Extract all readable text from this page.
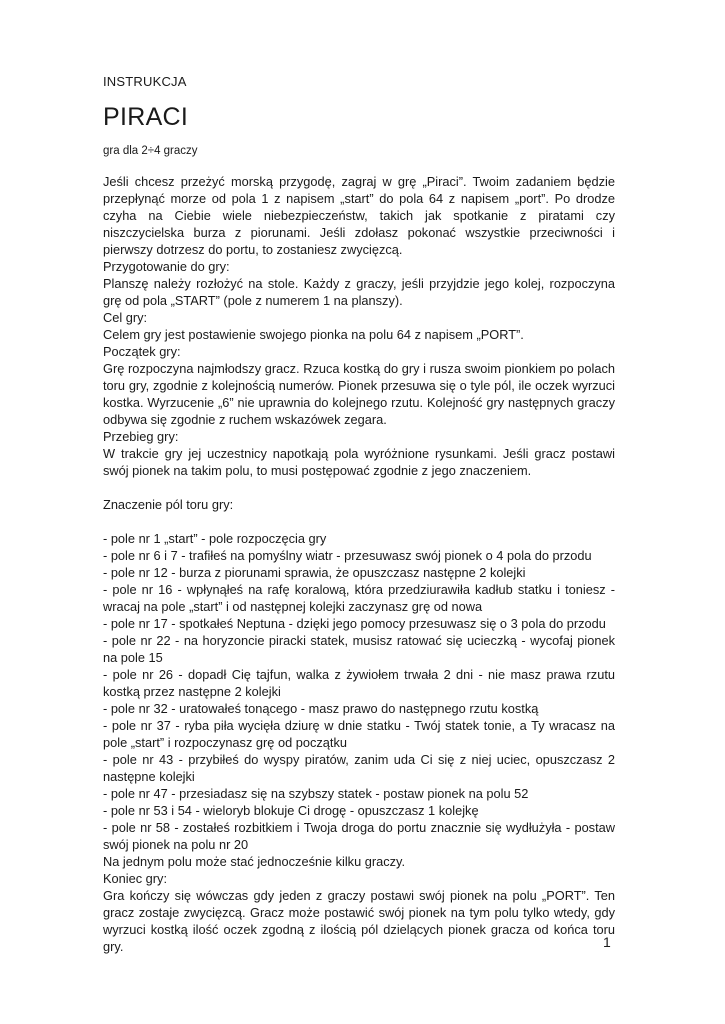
INSTRUKCJA

PIRACI

gra dla 2÷4 graczy

Jeśli chcesz przeżyć morską przygodę, zagraj w grę „Piraci”. Twoim zadaniem będzie przepłynąć morze od pola 1 z napisem „start” do pola 64 z napisem „port”. Po drodze czyha na Ciebie wiele niebezpieczeństw, takich jak spotkanie z piratami czy niszczycielska burza z piorunami. Jeśli zdołasz pokonać wszystkie przeciwności i pierwszy dotrzesz do portu, to zostaniesz zwycięzcą.

Przygotowanie do gry:

Planszę należy rozłożyć na stole. Każdy z graczy, jeśli przyjdzie jego kolej, rozpoczyna grę od pola „START” (pole z numerem 1 na planszy).

Cel gry:

Celem gry jest postawienie swojego pionka na polu 64 z napisem „PORT”.

Początek gry:

Grę rozpoczyna najmłodszy gracz. Rzuca kostką do gry i rusza swoim pionkiem po polach toru gry, zgodnie z kolejnością numerów. Pionek przesuwa się o tyle pól, ile oczek wyrzuci kostka. Wyrzucenie „6” nie uprawnia do kolejnego rzutu. Kolejność gry następnych graczy odbywa się zgodnie z ruchem wskazówek zegara.

Przebieg gry:

W trakcie gry jej uczestnicy napotkają pola wyróżnione rysunkami. Jeśli gracz postawi swój pionek na takim polu, to musi postępować zgodnie z jego znaczeniem.

Znaczenie pól toru gry:

- pole nr 1 „start” - pole rozpoczęcia gry

- pole nr 6 i 7 - trafiłeś na pomyślny wiatr - przesuwasz swój pionek o 4 pola do przodu

- pole nr 12 - burza z piorunami sprawia, że opuszczasz następne 2 kolejki

- pole nr 16 - wpłynąłeś na rafę koralową, która przedziurawiła kadłub statku i toniesz - wracaj na pole „start” i od następnej kolejki zaczynasz grę od nowa

- pole nr 17 - spotkałeś Neptuna - dzięki jego pomocy przesuwasz się o 3 pola do przodu

- pole nr 22 - na horyzoncie piracki statek, musisz ratować się ucieczką - wycofaj pionek na pole 15

- pole nr 26 - dopadł Cię tajfun, walka z żywiołem trwała 2 dni - nie masz prawa rzutu kostką przez następne 2 kolejki

- pole nr 32 - uratowałeś tonącego - masz prawo do następnego rzutu kostką

- pole nr 37 - ryba piła wycięła dziurę w dnie statku - Twój statek tonie, a Ty wracasz na pole „start” i rozpoczynasz grę od początku

- pole nr 43 - przybiłeś do wyspy piratów, zanim uda Ci się z niej uciec, opuszczasz 2 następne kolejki

- pole nr 47 - przesiadasz się na szybszy statek - postaw pionek na polu 52

- pole nr 53 i 54 - wieloryb blokuje Ci drogę - opuszczasz 1 kolejkę

- pole nr 58 - zostałeś rozbitkiem i Twoja droga do portu znacznie się wydłużyła - postaw swój pionek na polu nr 20

Na jednym polu może stać jednocześnie kilku graczy.

Koniec gry:

Gra kończy się wówczas gdy jeden z graczy postawi swój pionek na polu „PORT”. Ten gracz zostaje zwycięzcą. Gracz może postawić swój pionek na tym polu tylko wtedy, gdy wyrzuci kostką ilość oczek zgodną z ilością pól dzielących pionek gracza od końca toru gry.	1
